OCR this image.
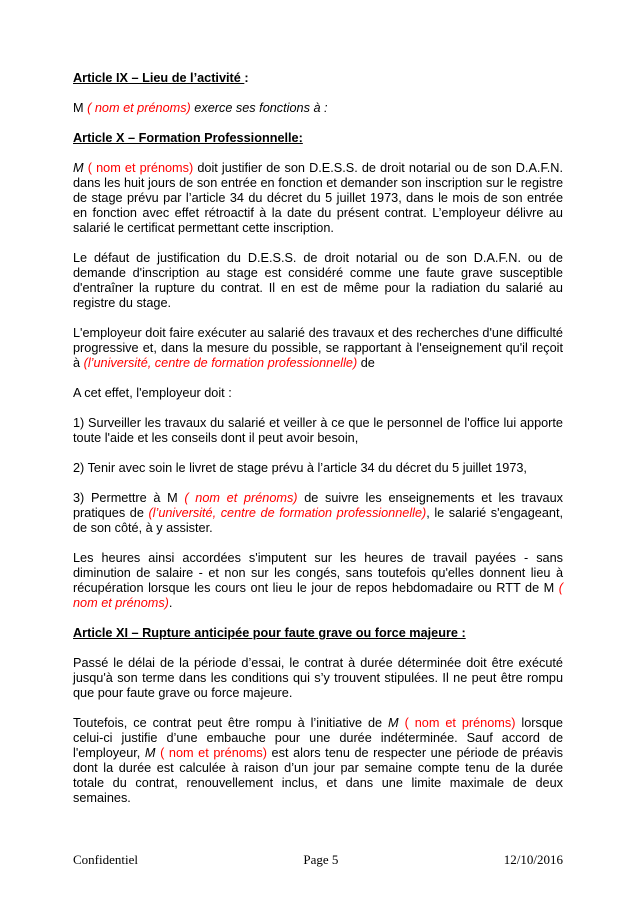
Article IX – Lieu de l’activité :

M ( nom et prénoms) exerce ses fonctions à :

Article X – Formation Professionnelle:

M ( nom et prénoms) doit justifier de son D.E.S.S. de droit notarial ou de son D.A.F.N. dans les huit jours de son entrée en fonction et demander son inscription sur le registre de stage prévu par l’article 34 du décret du 5 juillet 1973, dans le mois de son entrée en fonction avec effet rétroactif à la date du présent contrat. L’employeur délivre au salarié le certificat permettant cette inscription.

Le défaut de justification du D.E.S.S. de droit notarial ou de son D.A.F.N. ou de demande d'inscription au stage est considéré comme une faute grave susceptible d'entraîner la rupture du contrat. Il en est de même pour la radiation du salarié au registre du stage.

L'employeur doit faire exécuter au salarié des travaux et des recherches d'une difficulté progressive et, dans la mesure du possible, se rapportant à l'enseignement qu'il reçoit à (l’université, centre de formation professionnelle) de

A cet effet, l'employeur doit :

1) Surveiller les travaux du salarié et veiller à ce que le personnel de l'office lui apporte toute l'aide et les conseils dont il peut avoir besoin,

2) Tenir avec soin le livret de stage prévu à l’article 34 du décret du 5 juillet 1973,

3) Permettre à M ( nom et prénoms) de suivre les enseignements et les travaux pratiques de (l’université, centre de formation professionnelle), le salarié s'engageant, de son côté, à y assister.

Les heures ainsi accordées s'imputent sur les heures de travail payées - sans diminution de salaire - et non sur les congés, sans toutefois qu'elles donnent lieu à récupération lorsque les cours ont lieu le jour de repos hebdomadaire ou RTT de M ( nom et prénoms).

Article XI – Rupture anticipée pour faute grave ou force majeure :

Passé le délai de la période d’essai, le contrat à durée déterminée doit être exécuté jusqu'à son terme dans les conditions qui s’y trouvent stipulées. Il ne peut être rompu que pour faute grave ou force majeure.

Toutefois, ce contrat peut être rompu à l’initiative de M ( nom et prénoms) lorsque celui-ci justifie d’une embauche pour une durée indéterminée. Sauf accord de l'employeur, M ( nom et prénoms) est alors tenu de respecter une période de préavis dont la durée est calculée à raison d’un jour par semaine compte tenu de la durée totale du contrat, renouvellement inclus, et dans une limite maximale de deux semaines.

Confidentiel	Page 5	12/10/2016
